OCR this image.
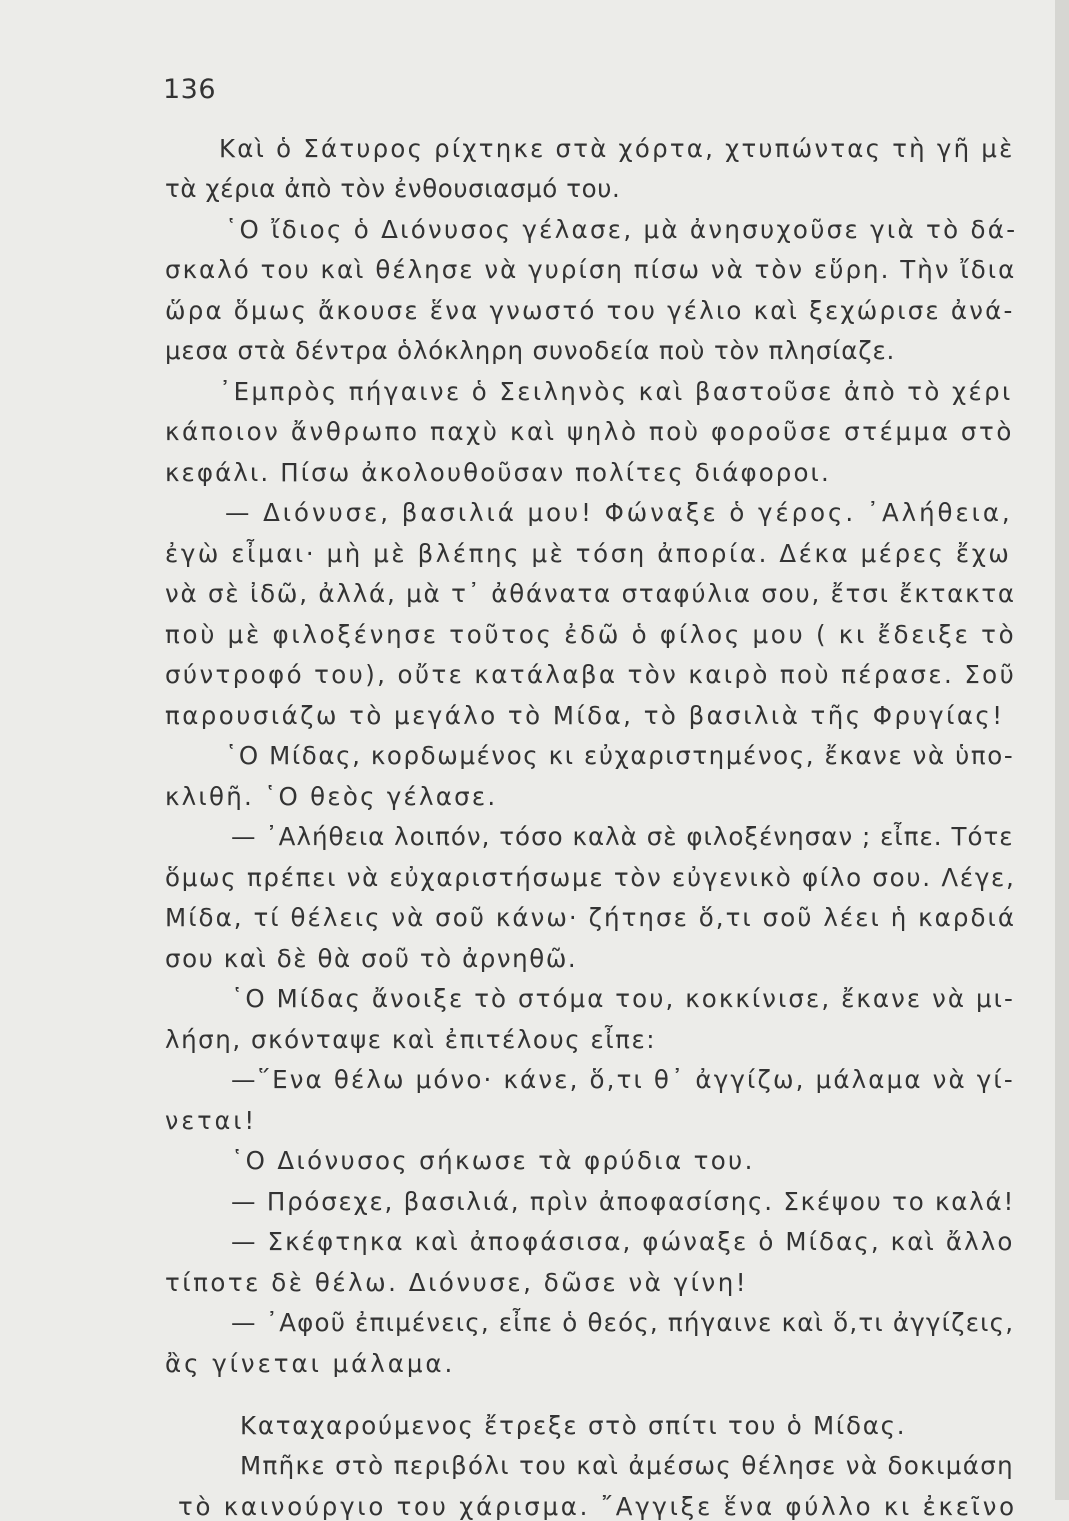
136
Καὶ ὁ Σάτυρος ρίχτηκε στὰ χόρτα, χτυπώντας τὴ γῆ μὲ
τὰ χέρια ἀπὸ τὸν ἐνθουσιασμό του.
῾Ο ἴδιος ὁ Διόνυσος γέλασε, μὰ ἀνησυχοῦσε γιὰ τὸ δά-
σκαλό του καὶ θέλησε νὰ γυρίση πίσω νὰ τὸν εὕρη. Τὴν ἴδια
ὥρα ὅμως ἄκουσε ἕνα γνωστό του γέλιο καὶ ξεχώρισε ἀνά-
μεσα στὰ δέντρα ὁλόκληρη συνοδεία ποὺ τὸν πλησίαζε.
᾿Εμπρὸς πήγαινε ὁ Σειληνὸς καὶ βαστοῦσε ἀπὸ τὸ χέρι
κάποιον ἄνθρωπο παχὺ καὶ ψηλὸ ποὺ φοροῦσε στέμμα στὸ
κεφάλι. Πίσω ἀκολουθοῦσαν πολίτες διάφοροι.
— Διόνυσε, βασιλιά μου! Φώναξε ὁ γέρος. ᾿Αλήθεια,
ἐγὼ εἶμαι· μὴ μὲ βλέπης μὲ τόση ἀπορία. Δέκα μέρες ἔχω
νὰ σὲ ἰδῶ, ἀλλά, μὰ τ᾿ ἀθάνατα σταφύλια σου, ἔτσι ἔκτακτα
ποὺ μὲ φιλοξένησε τοῦτος ἐδῶ ὁ φίλος μου ( κι ἔδειξε τὸ
σύντροφό του), οὔτε κατάλαβα τὸν καιρὸ ποὺ πέρασε. Σοῦ
παρουσιάζω τὸ μεγάλο τὸ Μίδα, τὸ βασιλιὰ τῆς Φρυγίας!
῾Ο Μίδας, κορδωμένος κι εὐχαριστημένος, ἔκανε νὰ ὑπο-
κλιθῆ. ῾Ο θεὸς γέλασε.
— ᾿Αλήθεια λοιπόν, τόσο καλὰ σὲ φιλοξένησαν ; εἶπε. Τότε
ὅμως πρέπει νὰ εὐχαριστήσωμε τὸν εὐγενικὸ φίλο σου. Λέγε,
Μίδα, τί θέλεις νὰ σοῦ κάνω· ζήτησε ὅ,τι σοῦ λέει ἡ καρδιά
σου καὶ δὲ θὰ σοῦ τὸ ἀρνηθῶ.
῾Ο Μίδας ἄνοιξε τὸ στόμα του, κοκκίνισε, ἔκανε νὰ μι-
λήση, σκόνταψε καὶ ἐπιτέλους εἶπε:
—῞Ενα θέλω μόνο· κάνε, ὅ,τι θ᾿ ἀγγίζω, μάλαμα νὰ γί-
νεται!
῾Ο Διόνυσος σήκωσε τὰ φρύδια του.
— Πρόσεχε, βασιλιά, πρὶν ἀποφασίσης. Σκέψου το καλά!
— Σκέφτηκα καὶ ἀποφάσισα, φώναξε ὁ Μίδας, καὶ ἄλλο
τίποτε δὲ θέλω. Διόνυσε, δῶσε νὰ γίνη!
— ᾿Αφοῦ ἐπιμένεις, εἶπε ὁ θεός, πήγαινε καὶ ὅ,τι ἀγγίζεις,
ἂς γίνεται μάλαμα.
Καταχαρούμενος ἔτρεξε στὸ σπίτι του ὁ Μίδας.
Μπῆκε στὸ περιβόλι του καὶ ἀμέσως θέλησε νὰ δοκιμάση
τὸ καινούργιο του χάρισμα. ῎Αγγιξε ἕνα φύλλο κι ἐκεῖνο
